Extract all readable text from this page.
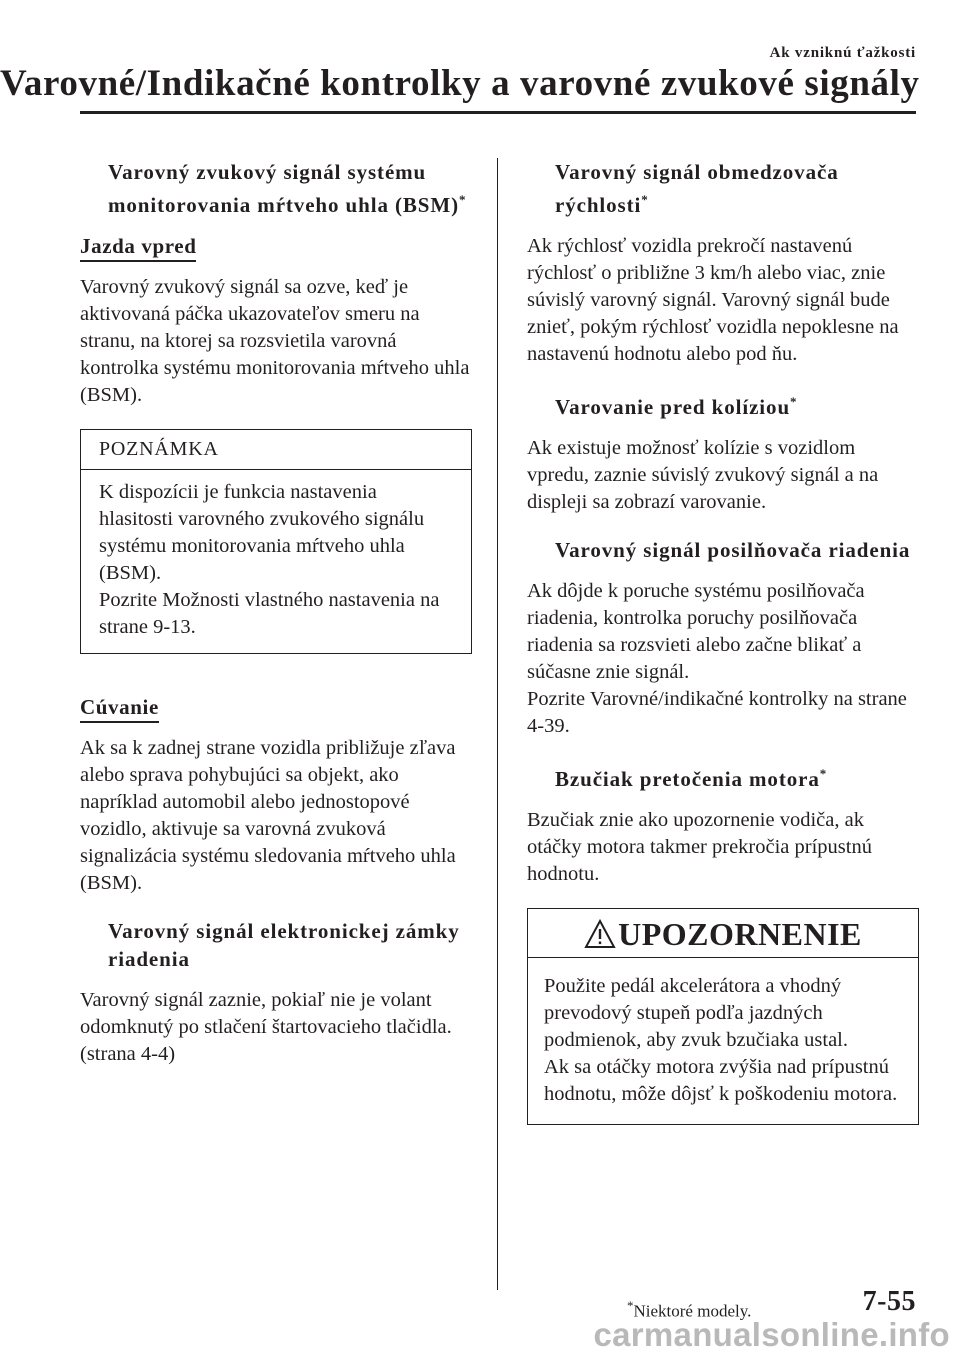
Ak vzniknú ťažkosti
Varovné/Indikačné kontrolky a varovné zvukové signály
Varovný zvukový signál systému monitorovania mŕtveho uhla (BSM)*
Jazda vpred

Varovný zvukový signál sa ozve, keď je aktivovaná páčka ukazovateľov smeru na stranu, na ktorej sa rozsvietila varovná kontrolka systému monitorovania mŕtveho uhla (BSM).

POZNÁMKA

K dispozícii je funkcia nastavenia hlasitosti varovného zvukového signálu systému monitorovania mŕtveho uhla (BSM).
Pozrite Možnosti vlastného nastavenia na strane 9-13.

Cúvanie

Ak sa k zadnej strane vozidla približuje zľava alebo sprava pohybujúci sa objekt, ako napríklad automobil alebo jednostopové vozidlo, aktivuje sa varovná zvuková signalizácia systému sledovania mŕtveho uhla (BSM).

Varovný signál elektronickej zámky riadenia

Varovný signál zaznie, pokiaľ nie je volant odomknutý po stlačení štartovacieho tlačidla. (strana 4-4)

Varovný signál obmedzovača rýchlosti*

Ak rýchlosť vozidla prekročí nastavenú rýchlosť o približne 3 km/h alebo viac, znie súvislý varovný signál. Varovný signál bude znieť, pokým rýchlosť vozidla nepoklesne na nastavenú hodnotu alebo pod ňu.

Varovanie pred kolíziou*

Ak existuje možnosť kolízie s vozidlom vpredu, zaznie súvislý zvukový signál a na displeji sa zobrazí varovanie.

Varovný signál posilňovača riadenia

Ak dôjde k poruche systému posilňovača riadenia, kontrolka poruchy posilňovača riadenia sa rozsvieti alebo začne blikať a súčasne znie signál.
Pozrite Varovné/indikačné kontrolky na strane 4-39.

Bzučiak pretočenia motora*

Bzučiak znie ako upozornenie vodiča, ak otáčky motora takmer prekročia prípustnú hodnotu.

UPOZORNENIE

Použite pedál akcelerátora a vhodný prevodový stupeň podľa jazdných podmienok, aby zvuk bzučiaka ustal.
Ak sa otáčky motora zvýšia nad prípustnú hodnotu, môže dôjsť k poškodeniu motora.

*Niektoré modely.	7-55
carmanualsonline.info
